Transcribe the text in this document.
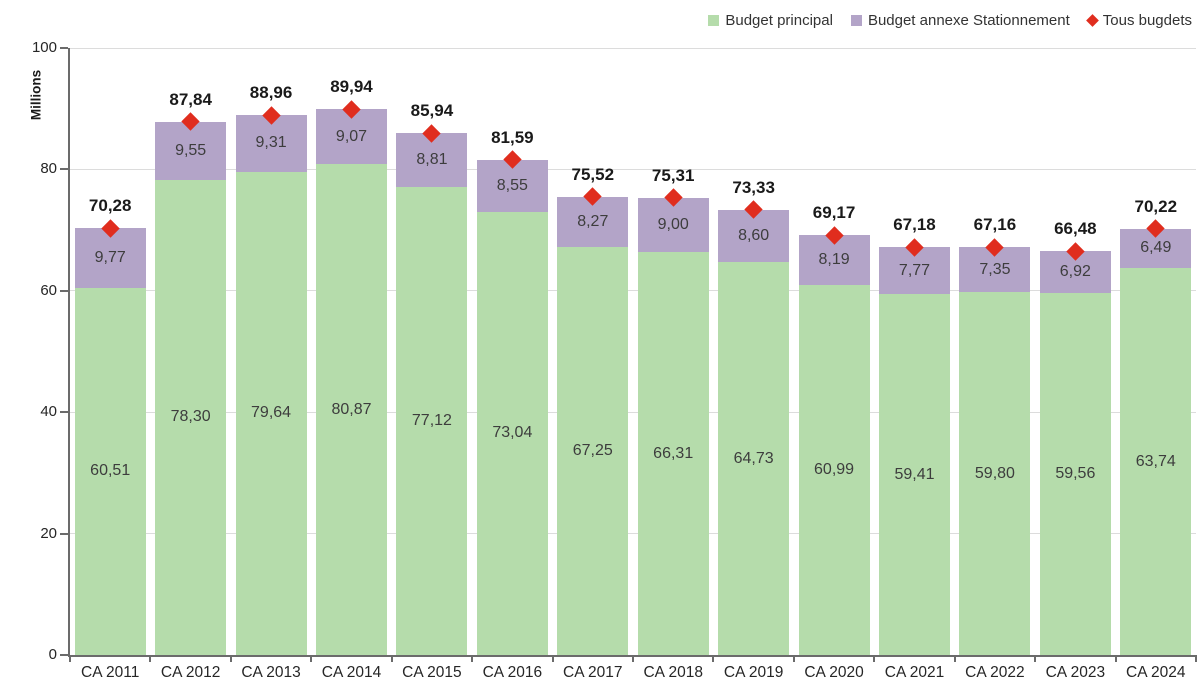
Budget principal Budget annexe Stationnement Tous bugdets
Millions
0
20
40
60
80
100
60,51
9,77
70,28
CA 2011
78,30
9,55
87,84
CA 2012
79,64
9,31
88,96
CA 2013
80,87
9,07
89,94
CA 2014
77,12
8,81
85,94
CA 2015
73,04
8,55
81,59
CA 2016
67,25
8,27
75,52
CA 2017
66,31
9,00
75,31
CA 2018
64,73
8,60
73,33
CA 2019
60,99
8,19
69,17
CA 2020
59,41
7,77
67,18
CA 2021
59,80
7,35
67,16
CA 2022
59,56
6,92
66,48
CA 2023
63,74
6,49
70,22
CA 2024
